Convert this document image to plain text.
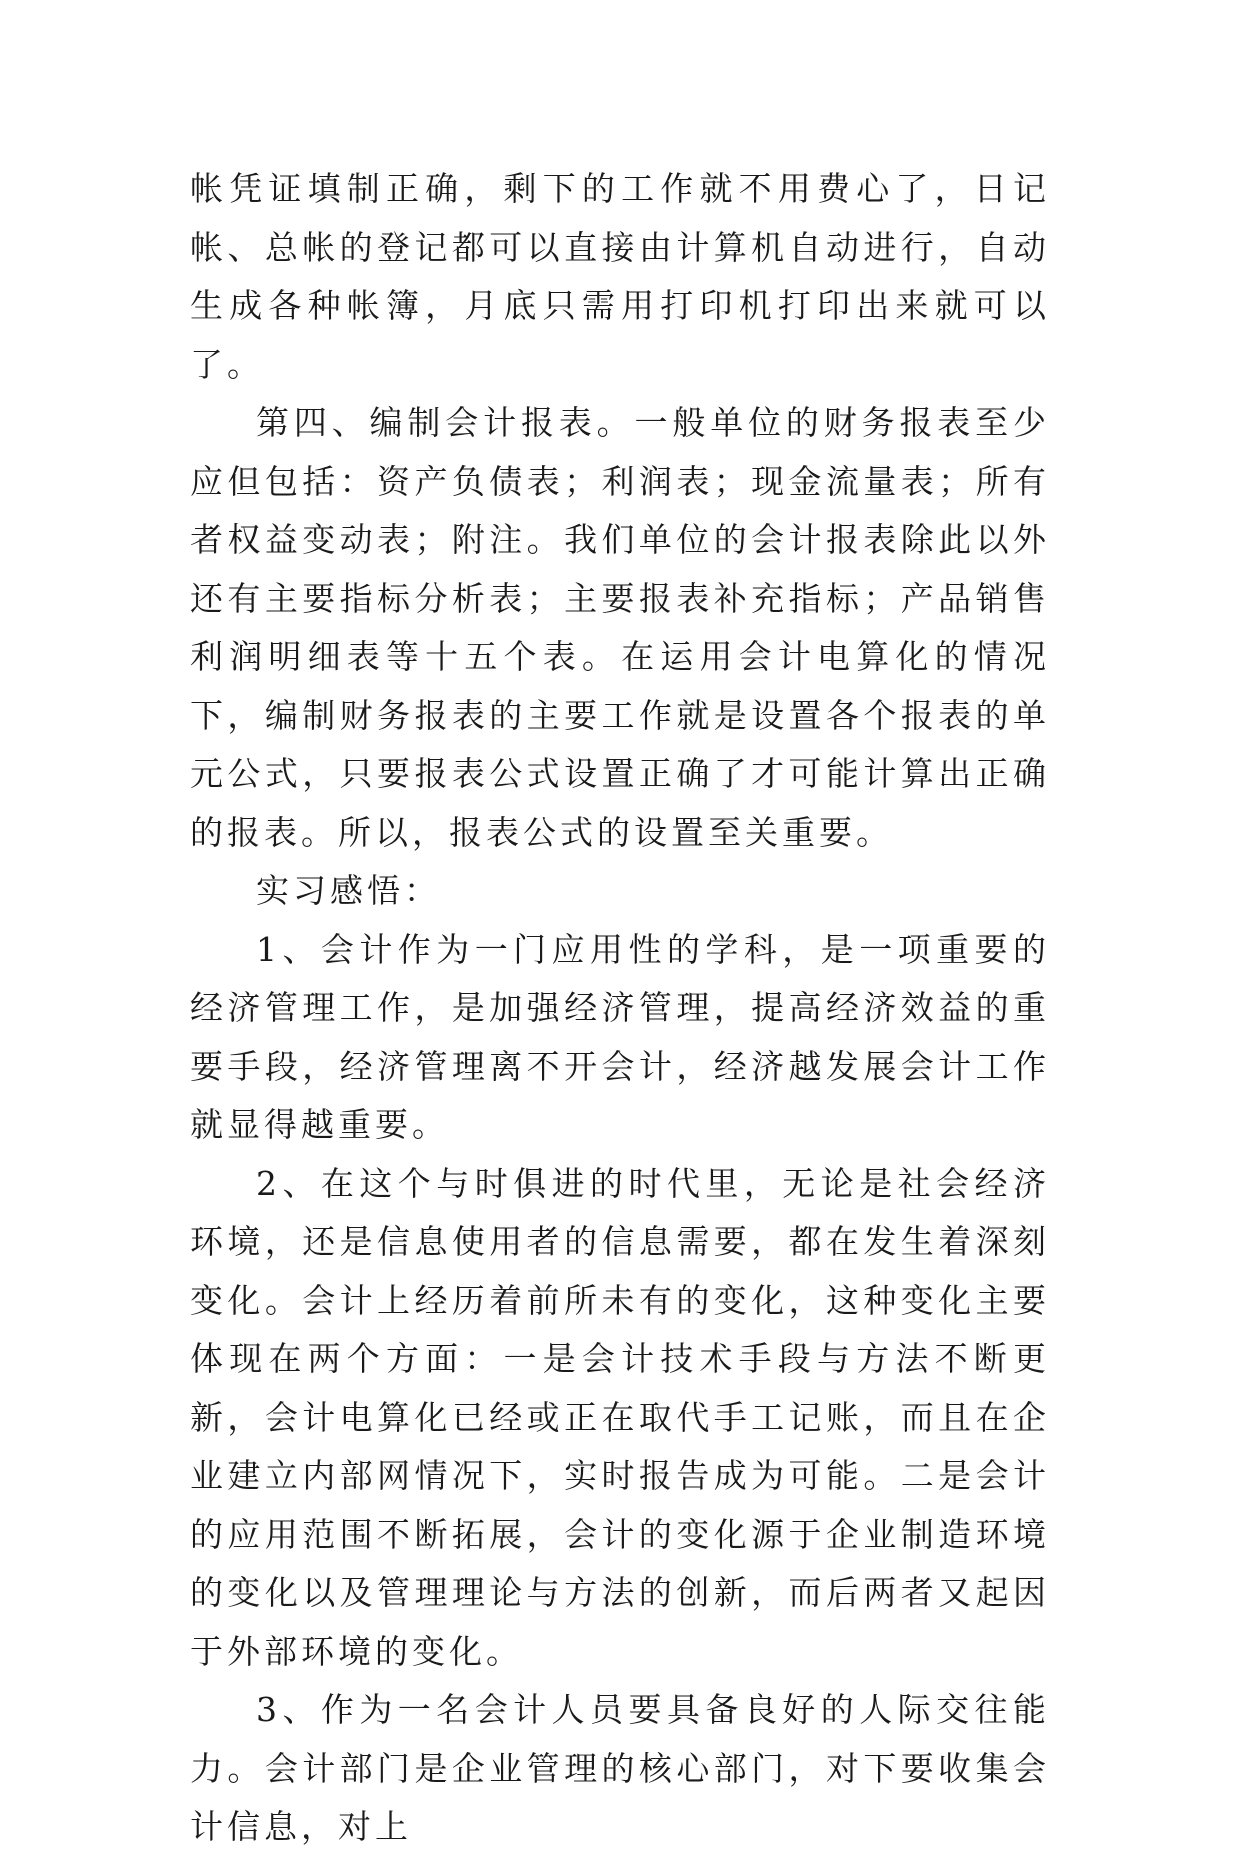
帐凭证填制正确，剩下的工作就不用费心了，日记帐、总帐的登记都可以直接由计算机自动进行，自动生成各种帐簿，月底只需用打印机打印出来就可以了。

第四、编制会计报表。一般单位的财务报表至少应但包括：资产负债表；利润表；现金流量表；所有者权益变动表；附注。我们单位的会计报表除此以外还有主要指标分析表；主要报表补充指标；产品销售利润明细表等十五个表。在运用会计电算化的情况下，编制财务报表的主要工作就是设置各个报表的单元公式，只要报表公式设置正确了才可能计算出正确的报表。所以，报表公式的设置至关重要。

实习感悟：

1、会计作为一门应用性的学科，是一项重要的经济管理工作，是加强经济管理，提高经济效益的重要手段，经济管理离不开会计，经济越发展会计工作就显得越重要。

2、在这个与时俱进的时代里，无论是社会经济环境，还是信息使用者的信息需要，都在发生着深刻变化。会计上经历着前所未有的变化，这种变化主要体现在两个方面：一是会计技术手段与方法不断更新，会计电算化已经或正在取代手工记账，而且在企业建立内部网情况下，实时报告成为可能。二是会计的应用范围不断拓展，会计的变化源于企业制造环境的变化以及管理理论与方法的创新，而后两者又起因于外部环境的变化。

3、作为一名会计人员要具备良好的人际交往能力。会计部门是企业管理的核心部门，对下要收集会计信息，对上
